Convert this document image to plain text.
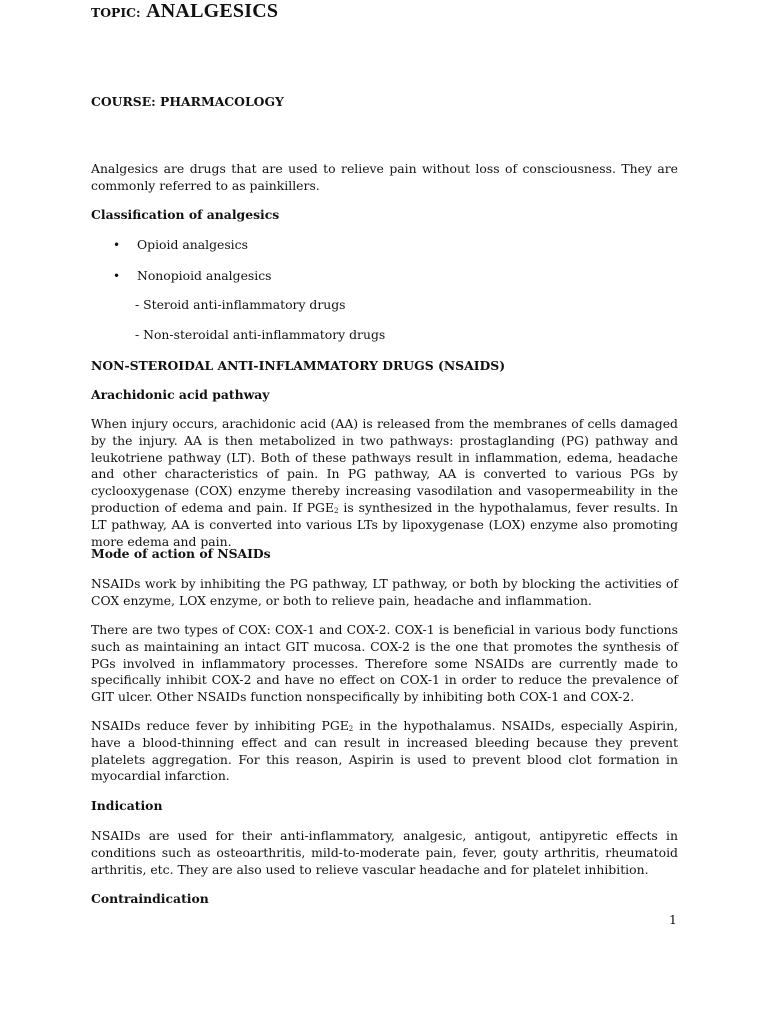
COURSE: PHARMACOLOGY
TOPIC: ANALGESICS

Analgesics are drugs that are used to relieve pain without loss of consciousness. They are commonly referred to as painkillers.

Classification of analgesics
• Opioid analgesics
• Nonopioid analgesics
- Steroid anti-inflammatory drugs
- Non-steroidal anti-inflammatory drugs
NON-STEROIDAL ANTI-INFLAMMATORY DRUGS (NSAIDS)
Arachidonic acid pathway

When injury occurs, arachidonic acid (AA) is released from the membranes of cells damaged by the injury. AA is then metabolized in two pathways: prostaglanding (PG) pathway and leukotriene pathway (LT). Both of these pathways result in inflammation, edema, headache and other characteristics of pain. In PG pathway, AA is converted to various PGs by cyclooxygenase (COX) enzyme thereby increasing vasodilation and vasopermeability in the production of edema and pain. If $PGE_2$ is synthesized in the hypothalamus, fever results. In LT pathway, AA is converted into various LTs by lipoxygenase (LOX) enzyme also promoting more edema and pain.

Mode of action of NSAIDs

NSAIDs work by inhibiting the PG pathway, LT pathway, or both by blocking the activities of COX enzyme, LOX enzyme, or both to relieve pain, headache and inflammation.

There are two types of COX: COX-1 and COX-2. COX-1 is beneficial in various body functions such as maintaining an intact GIT mucosa. COX-2 is the one that promotes the synthesis of PGs involved in inflammatory processes. Therefore some NSAIDs are currently made to specifically inhibit COX-2 and have no effect on COX-1 in order to reduce the prevalence of GIT ulcer. Other NSAIDs function nonspecifically by inhibiting both COX-1 and COX-2.

NSAIDs reduce fever by inhibiting $PGE_2$ in the hypothalamus. NSAIDs, especially Aspirin, have a blood-thinning effect and can result in increased bleeding because they prevent platelets aggregation. For this reason, Aspirin is used to prevent blood clot formation in myocardial infarction.

Indication

NSAIDs are used for their anti-inflammatory, analgesic, antigout, antipyretic effects in conditions such as osteoarthritis, mild-to-moderate pain, fever, gouty arthritis, rheumatoid arthritis, etc. They are also used to relieve vascular headache and for platelet inhibition.

Contraindication
1
